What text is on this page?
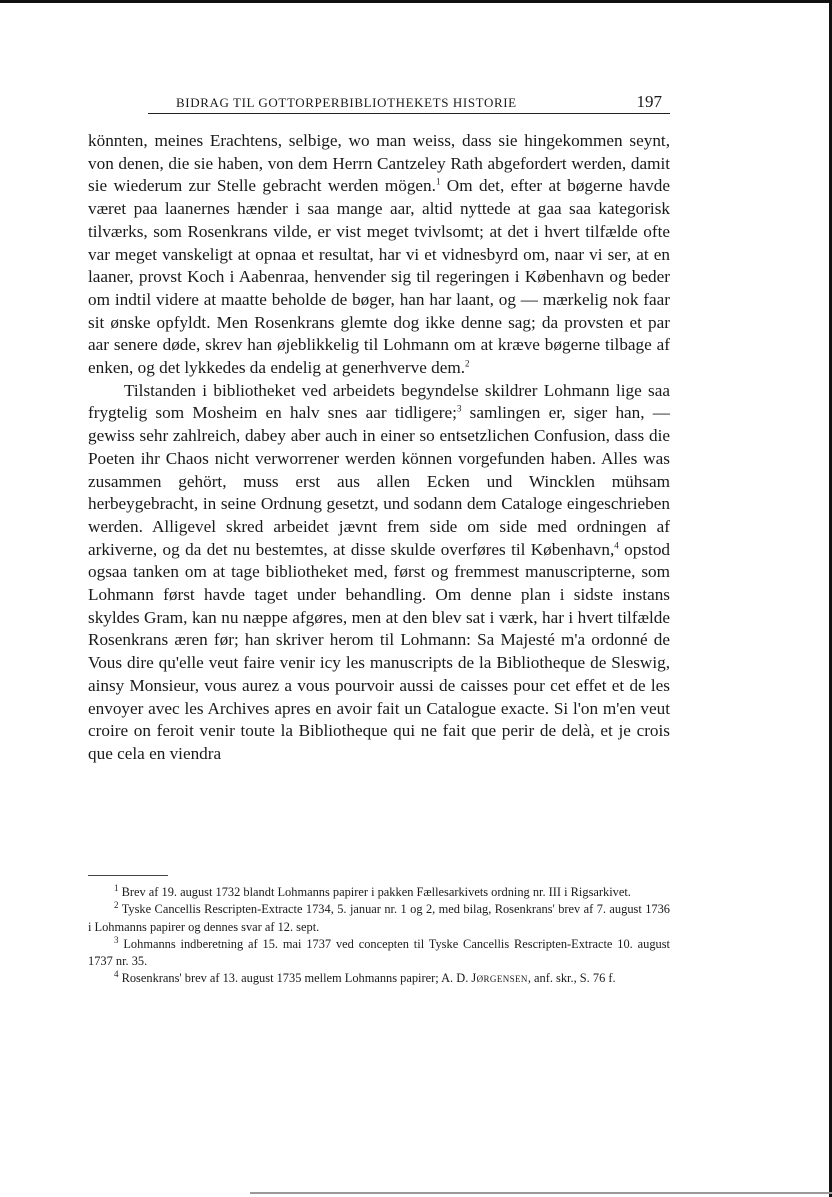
BIDRAG TIL GOTTORPERBIBLIOTHEKETS HISTORIE	197

könnten, meines Erachtens, selbige, wo man weiss, dass sie hingekommen seynt, von denen, die sie haben, von dem Herrn Cantzeley Rath abgefordert werden, damit sie wiederum zur Stelle gebracht werden mögen.$^1$ Om det, efter at bøgerne havde været paa laanernes hænder i saa mange aar, altid nyttede at gaa saa kategorisk tilværks, som Rosenkrans vilde, er vist meget tvivlsomt; at det i hvert tilfælde ofte var meget vanskeligt at opnaa et resultat, har vi et vidnesbyrd om, naar vi ser, at en laaner, provst Koch i Aabenraa, henvender sig til regeringen i København og beder om indtil videre at maatte beholde de bøger, han har laant, og — mærkelig nok faar sit ønske opfyldt. Men Rosenkrans glemte dog ikke denne sag; da provsten et par aar senere døde, skrev han øjeblikkelig til Lohmann om at kræve bøgerne tilbage af enken, og det lykkedes da endelig at generhverve dem.$^2$

Tilstanden i bibliotheket ved arbeidets begyndelse skildrer Lohmann lige saa frygtelig som Mosheim en halv snes aar tidligere;$^3$ samlingen er, siger han, — gewiss sehr zahlreich, dabey aber auch in einer so entsetzlichen Confusion, dass die Poeten ihr Chaos nicht verworrener werden können vorgefunden haben. Alles was zusammen gehört, muss erst aus allen Ecken und Wincklen mühsam herbeygebracht, in seine Ordnung gesetzt, und sodann dem Cataloge eingeschrieben werden. Alligevel skred arbeidet jævnt frem side om side med ordningen af arkiverne, og da det nu bestemtes, at disse skulde overføres til København,$^4$ opstod ogsaa tanken om at tage bibliotheket med, først og fremmest manuscripterne, som Lohmann først havde taget under behandling. Om denne plan i sidste instans skyldes Gram, kan nu næppe afgøres, men at den blev sat i værk, har i hvert tilfælde Rosenkrans æren før; han skriver herom til Lohmann: Sa Majesté m'a ordonné de Vous dire qu'elle veut faire venir icy les manuscripts de la Bibliotheque de Sleswig, ainsy Monsieur, vous aurez a vous pourvoir aussi de caisses pour cet effet et de les envoyer avec les Archives apres en avoir fait un Catalogue exacte. Si l'on m'en veut croire on feroit venir toute la Bibliotheque qui ne fait que perir de delà, et je crois que cela en viendra

$^1$ Brev af 19. august 1732 blandt Lohmanns papirer i pakken Fællesarkivets ordning nr. III i Rigsarkivet.

$^2$ Tyske Cancellis Rescripten-Extracte 1734, 5. januar nr. 1 og 2, med bilag, Rosenkrans' brev af 7. august 1736 i Lohmanns papirer og dennes svar af 12. sept.

$^3$ Lohmanns indberetning af 15. mai 1737 ved concepten til Tyske Cancellis Rescripten-Extracte 10. august 1737 nr. 35.

$^4$ Rosenkrans' brev af 13. august 1735 mellem Lohmanns papirer; A. D. Jørgensen, anf. skr., S. 76 f.
